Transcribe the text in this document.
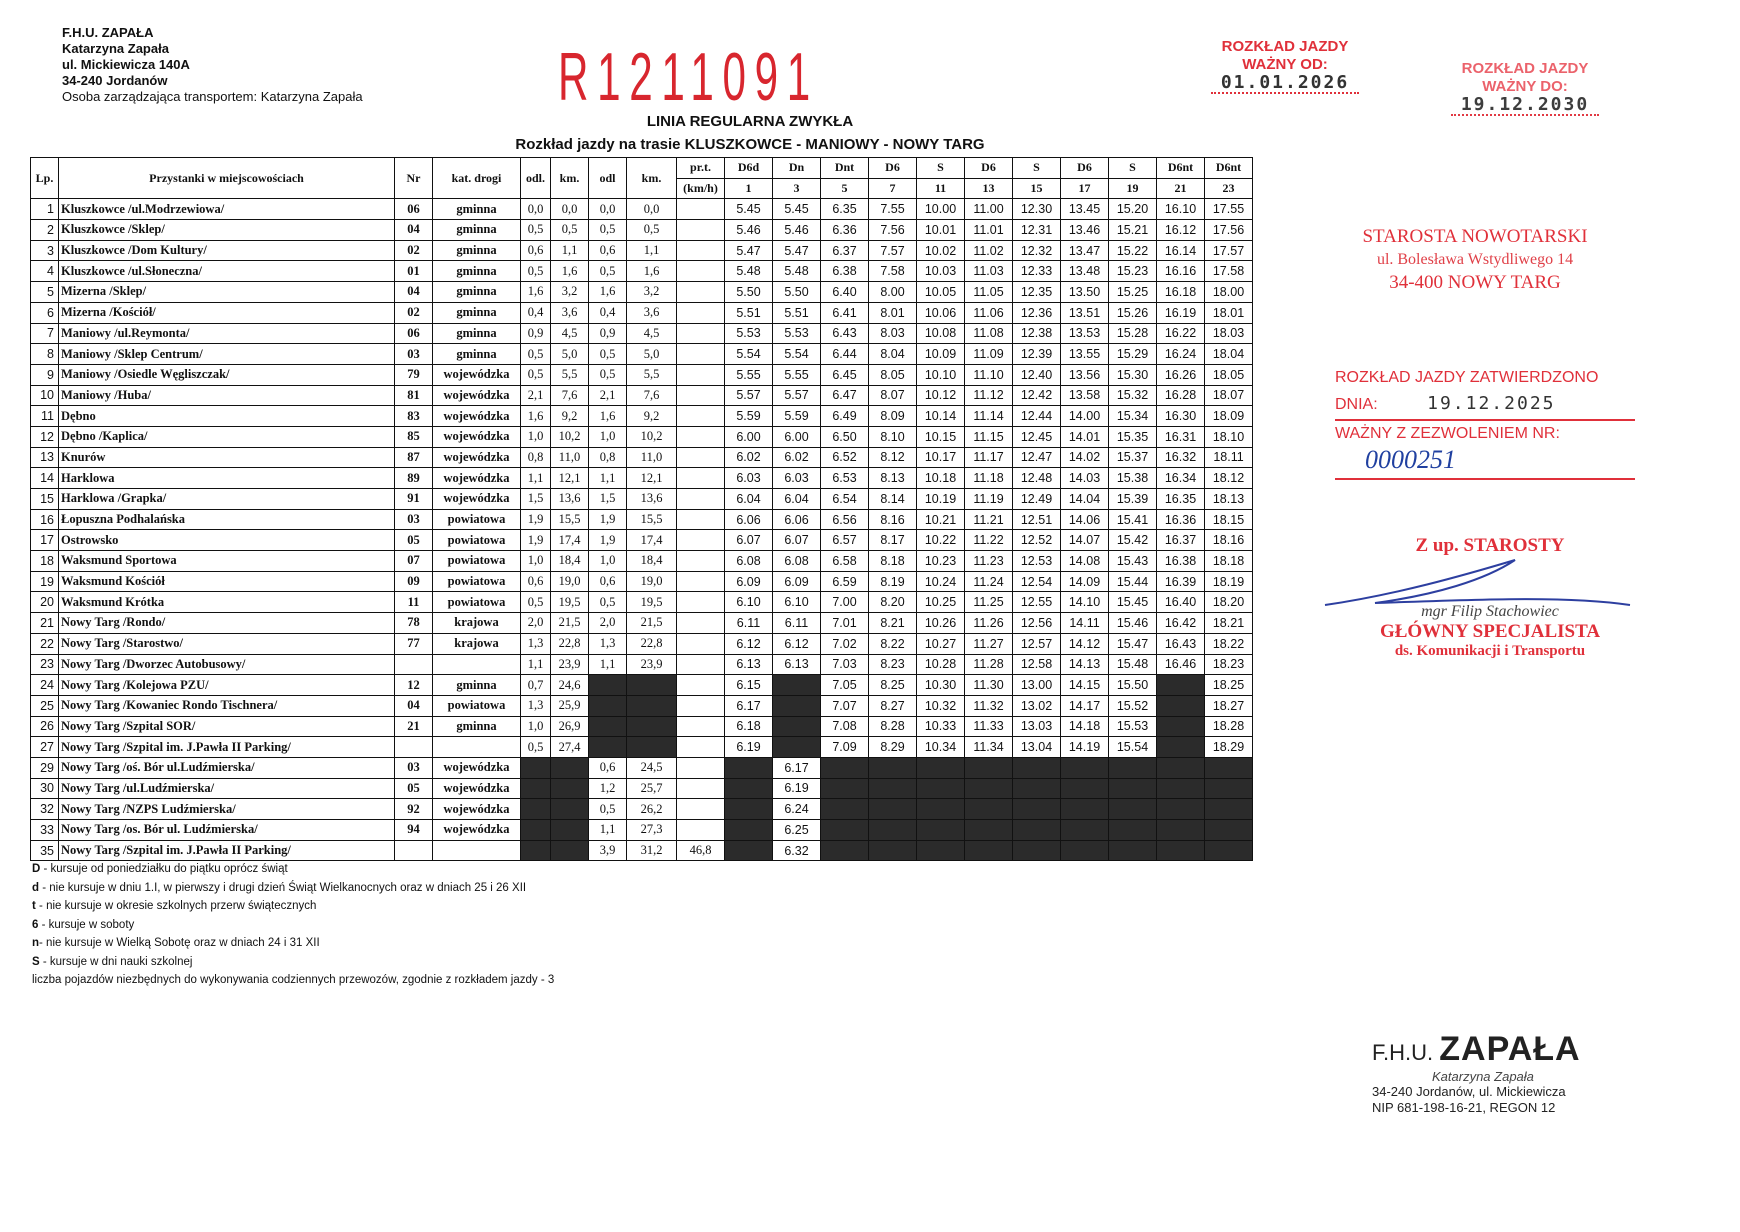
F.H.U. ZAPAŁA
Katarzyna Zapała
ul. Mickiewicza 140A
34-240 Jordanów
Osoba zarządzająca transportem: Katarzyna Zapała	R1211091
LINIA REGULARNA ZWYKŁA
Rozkład jazdy na trasie KLUSZKOWCE - MANIOWY - NOWY TARG
ROZKŁAD JAZDY
WAŻNY OD:
01.01.2026
ROZKŁAD JAZDY
WAŻNY DO:
19.12.2030
STAROSTA NOWOTARSKI
ul. Bolesława Wstydliwego 14
34-400 NOWY TARG
ROZKŁAD JAZDY ZATWIERDZONO
DNIA:	19.12.2025
WAŻNY Z ZEZWOLENIEM NR:
0000251
Z up. STAROSTY
mgr Filip Stachowiec
GŁÓWNY SPECJALISTA
ds. Komunikacji i Transportu
F.H.U. ZAPAŁA
Katarzyna Zapała
34-240 Jordanów, ul. Mickiewicza
NIP 681-198-16-21, REGON 12
Lp.	Przystanki w miejscowościach	Nr	kat. drogi	odl.	km.	odl	km.	pr.t.	D6d	Dn	Dnt	D6	S	D6	S	D6	S	D6nt	D6nt
								(km/h)	1	3	5	7	11	13	15	17	19	21	23
1	Kluszkowce /ul.Modrzewiowa/	06	gminna	0,0	0,0	0,0	0,0		5.45	5.45	6.35	7.55	10.00	11.00	12.30	13.45	15.20	16.10	17.55
2	Kluszkowce /Sklep/	04	gminna	0,5	0,5	0,5	0,5		5.46	5.46	6.36	7.56	10.01	11.01	12.31	13.46	15.21	16.12	17.56
3	Kluszkowce /Dom Kultury/	02	gminna	0,6	1,1	0,6	1,1		5.47	5.47	6.37	7.57	10.02	11.02	12.32	13.47	15.22	16.14	17.57
4	Kluszkowce /ul.Słoneczna/	01	gminna	0,5	1,6	0,5	1,6		5.48	5.48	6.38	7.58	10.03	11.03	12.33	13.48	15.23	16.16	17.58
5	Mizerna /Sklep/	04	gminna	1,6	3,2	1,6	3,2		5.50	5.50	6.40	8.00	10.05	11.05	12.35	13.50	15.25	16.18	18.00
6	Mizerna /Kościół/	02	gminna	0,4	3,6	0,4	3,6		5.51	5.51	6.41	8.01	10.06	11.06	12.36	13.51	15.26	16.19	18.01
7	Maniowy /ul.Reymonta/	06	gminna	0,9	4,5	0,9	4,5		5.53	5.53	6.43	8.03	10.08	11.08	12.38	13.53	15.28	16.22	18.03
8	Maniowy /Sklep Centrum/	03	gminna	0,5	5,0	0,5	5,0		5.54	5.54	6.44	8.04	10.09	11.09	12.39	13.55	15.29	16.24	18.04
9	Maniowy /Osiedle Węgliszczak/	79	wojewódzka	0,5	5,5	0,5	5,5		5.55	5.55	6.45	8.05	10.10	11.10	12.40	13.56	15.30	16.26	18.05
10	Maniowy /Huba/	81	wojewódzka	2,1	7,6	2,1	7,6		5.57	5.57	6.47	8.07	10.12	11.12	12.42	13.58	15.32	16.28	18.07
11	Dębno	83	wojewódzka	1,6	9,2	1,6	9,2		5.59	5.59	6.49	8.09	10.14	11.14	12.44	14.00	15.34	16.30	18.09
12	Dębno /Kaplica/	85	wojewódzka	1,0	10,2	1,0	10,2		6.00	6.00	6.50	8.10	10.15	11.15	12.45	14.01	15.35	16.31	18.10
13	Knurów	87	wojewódzka	0,8	11,0	0,8	11,0		6.02	6.02	6.52	8.12	10.17	11.17	12.47	14.02	15.37	16.32	18.11
14	Harklowa	89	wojewódzka	1,1	12,1	1,1	12,1		6.03	6.03	6.53	8.13	10.18	11.18	12.48	14.03	15.38	16.34	18.12
15	Harklowa /Grapka/	91	wojewódzka	1,5	13,6	1,5	13,6		6.04	6.04	6.54	8.14	10.19	11.19	12.49	14.04	15.39	16.35	18.13
16	Łopuszna Podhalańska	03	powiatowa	1,9	15,5	1,9	15,5		6.06	6.06	6.56	8.16	10.21	11.21	12.51	14.06	15.41	16.36	18.15
17	Ostrowsko	05	powiatowa	1,9	17,4	1,9	17,4		6.07	6.07	6.57	8.17	10.22	11.22	12.52	14.07	15.42	16.37	18.16
18	Waksmund Sportowa	07	powiatowa	1,0	18,4	1,0	18,4		6.08	6.08	6.58	8.18	10.23	11.23	12.53	14.08	15.43	16.38	18.18
19	Waksmund Kościół	09	powiatowa	0,6	19,0	0,6	19,0		6.09	6.09	6.59	8.19	10.24	11.24	12.54	14.09	15.44	16.39	18.19
20	Waksmund Krótka	11	powiatowa	0,5	19,5	0,5	19,5		6.10	6.10	7.00	8.20	10.25	11.25	12.55	14.10	15.45	16.40	18.20
21	Nowy Targ /Rondo/	78	krajowa	2,0	21,5	2,0	21,5		6.11	6.11	7.01	8.21	10.26	11.26	12.56	14.11	15.46	16.42	18.21
22	Nowy Targ /Starostwo/	77	krajowa	1,3	22,8	1,3	22,8		6.12	6.12	7.02	8.22	10.27	11.27	12.57	14.12	15.47	16.43	18.22
23	Nowy Targ /Dworzec Autobusowy/			1,1	23,9	1,1	23,9		6.13	6.13	7.03	8.23	10.28	11.28	12.58	14.13	15.48	16.46	18.23
24	Nowy Targ /Kolejowa PZU/	12	gminna	0,7	24,6				6.15		7.05	8.25	10.30	11.30	13.00	14.15	15.50		18.25
25	Nowy Targ /Kowaniec Rondo Tischnera/	04	powiatowa	1,3	25,9				6.17		7.07	8.27	10.32	11.32	13.02	14.17	15.52		18.27
26	Nowy Targ /Szpital SOR/	21	gminna	1,0	26,9				6.18		7.08	8.28	10.33	11.33	13.03	14.18	15.53		18.28
27	Nowy Targ /Szpital im. J.Pawła II Parking/			0,5	27,4				6.19		7.09	8.29	10.34	11.34	13.04	14.19	15.54		18.29
29	Nowy Targ /oś. Bór ul.Ludźmierska/	03	wojewódzka			0,6	24,5			6.17									
30	Nowy Targ /ul.Ludźmierska/	05	wojewódzka			1,2	25,7			6.19									
32	Nowy Targ /NZPS Ludźmierska/	92	wojewódzka			0,5	26,2			6.24									
33	Nowy Targ /os. Bór ul. Ludźmierska/	94	wojewódzka			1,1	27,3			6.25									
35	Nowy Targ /Szpital im. J.Pawła II Parking/					3,9	31,2	46,8		6.32									
D - kursuje od poniedziałku do piątku oprócz świąt
d - nie kursuje w dniu 1.I, w pierwszy i drugi dzień Świąt Wielkanocnych oraz w dniach 25 i 26 XII
t - nie kursuje w okresie szkolnych przerw świątecznych
6 - kursuje w soboty
n- nie kursuje w Wielką Sobotę oraz w dniach 24 i 31 XII
S - kursuje w dni nauki szkolnej
liczba pojazdów niezbędnych do wykonywania codziennych przewozów, zgodnie z rozkładem jazdy - 3
